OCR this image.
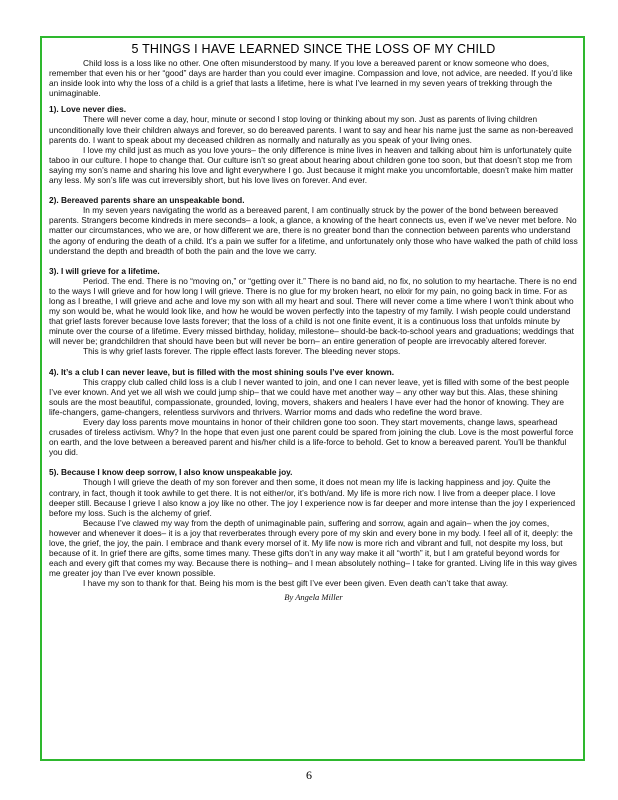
5 THINGS I HAVE LEARNED SINCE THE LOSS OF MY CHILD

Child loss is a loss like no other. One often misunderstood by many. If you love a bereaved parent or know someone who does, remember that even his or her “good” days are harder than you could ever imagine. Compassion and love, not advice, are needed. If you’d like an inside look into why the loss of a child is a grief that lasts a lifetime, here is what I’ve learned in my seven years of trekking through the unimaginable.

1). Love never dies.

There will never come a day, hour, minute or second I stop loving or thinking about my son. Just as parents of living children unconditionally love their children always and forever, so do bereaved parents. I want to say and hear his name just the same as non-bereaved parents do. I want to speak about my deceased children as normally and naturally as you speak of your living ones.

I love my child just as much as you love yours– the only difference is mine lives in heaven and talking about him is unfortunately quite taboo in our culture. I hope to change that. Our culture isn’t so great about hearing about children gone too soon, but that doesn’t stop me from saying my son’s name and sharing his love and light everywhere I go. Just because it might make you uncomfortable, doesn’t make him matter any less. My son’s life was cut irreversibly short, but his love lives on forever. And ever.

2). Bereaved parents share an unspeakable bond.

In my seven years navigating the world as a bereaved parent, I am continually struck by the power of the bond between bereaved parents. Strangers become kindreds in mere seconds– a look, a glance, a knowing of the heart connects us, even if we’ve never met before. No matter our circumstances, who we are, or how different we are, there is no greater bond than the connection between parents who understand the agony of enduring the death of a child. It’s a pain we suffer for a lifetime, and unfortunately only those who have walked the path of child loss understand the depth and breadth of both the pain and the love we carry.

3). I will grieve for a lifetime.

Period. The end. There is no “moving on,” or “getting over it.” There is no band aid, no fix, no solution to my heartache. There is no end to the ways I will grieve and for how long I will grieve. There is no glue for my broken heart, no elixir for my pain, no going back in time. For as long as I breathe, I will grieve and ache and love my son with all my heart and soul. There will never come a time where I won’t think about who my son would be, what he would look like, and how he would be woven perfectly into the tapestry of my family. I wish people could understand that grief lasts forever because love lasts forever; that the loss of a child is not one finite event, it is a continuous loss that unfolds minute by minute over the course of a lifetime. Every missed birthday, holiday, milestone– should-be back-to-school years and graduations; weddings that will never be; grandchildren that should have been but will never be born– an entire generation of people are irrevocably altered forever.

This is why grief lasts forever. The ripple effect lasts forever. The bleeding never stops.

4). It’s a club I can never leave, but is filled with the most shining souls I’ve ever known.

This crappy club called child loss is a club I never wanted to join, and one I can never leave, yet is filled with some of the best people I’ve ever known. And yet we all wish we could jump ship– that we could have met another way – any other way but this. Alas, these shining souls are the most beautiful, compassionate, grounded, loving, movers, shakers and healers I have ever had the honor of knowing. They are life-changers, game-changers, relentless survivors and thrivers. Warrior moms and dads who redefine the word brave.

Every day loss parents move mountains in honor of their children gone too soon. They start movements, change laws, spearhead crusades of tireless activism. Why? In the hope that even just one parent could be spared from joining the club. Love is the most powerful force on earth, and the love between a bereaved parent and his/her child is a life-force to behold. Get to know a bereaved parent. You’ll be thankful you did.

5). Because I know deep sorrow, I also know unspeakable joy.

Though I will grieve the death of my son forever and then some, it does not mean my life is lacking happiness and joy. Quite the contrary, in fact, though it took awhile to get there. It is not either/or, it’s both/and. My life is more rich now. I live from a deeper place. I love deeper still. Because I grieve I also know a joy like no other. The joy I experience now is far deeper and more intense than the joy I experienced before my loss. Such is the alchemy of grief.

Because I’ve clawed my way from the depth of unimaginable pain, suffering and sorrow, again and again– when the joy comes, however and whenever it does– it is a joy that reverberates through every pore of my skin and every bone in my body. I feel all of it, deeply: the love, the grief, the joy, the pain. I embrace and thank every morsel of it. My life now is more rich and vibrant and full, not despite my loss, but because of it. In grief there are gifts, some times many. These gifts don’t in any way make it all “worth” it, but I am grateful beyond words for each and every gift that comes my way. Because there is nothing– and I mean absolutely nothing– I take for granted. Living life in this way gives me greater joy than I’ve ever known possible.

I have my son to thank for that. Being his mom is the best gift I’ve ever been given. Even death can’t take that away.

By Angela Miller

6
